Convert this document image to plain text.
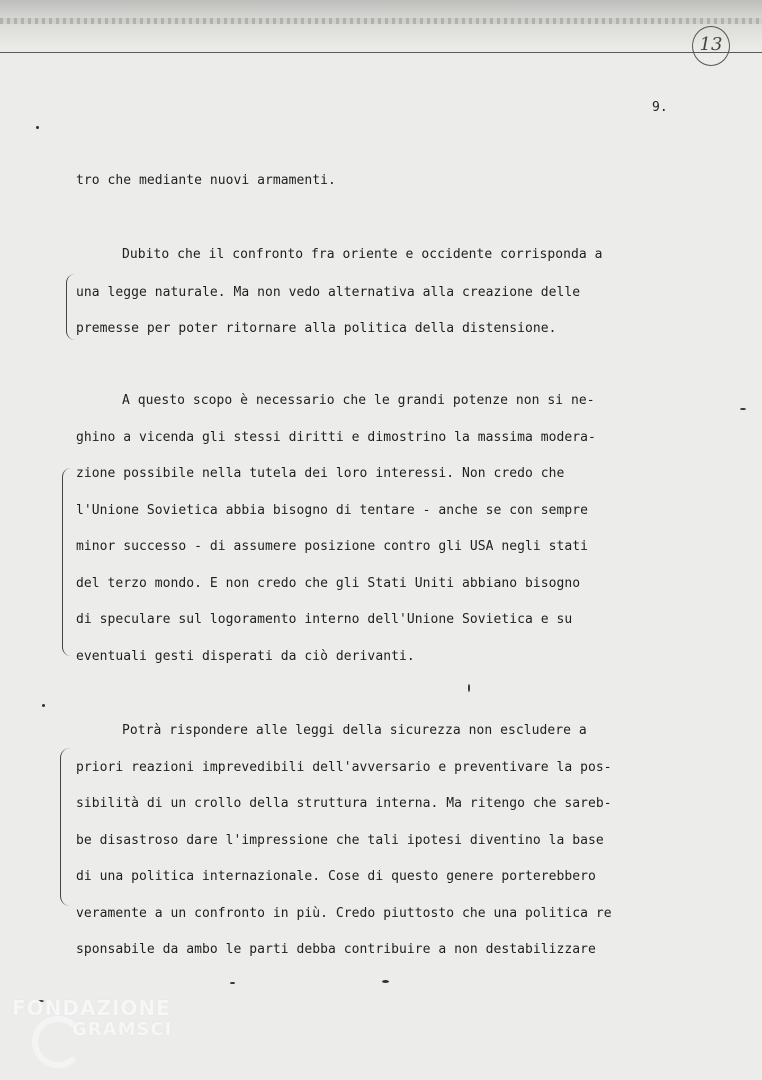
13
9.
tro che mediante nuovi armamenti.
Dubito che il confronto fra oriente e occidente corrisponda a
una legge naturale. Ma non vedo alternativa alla creazione delle
premesse per poter ritornare alla politica della distensione.
A questo scopo è necessario che le grandi potenze non si ne-
ghino a vicenda gli stessi diritti e dimostrino la massima modera-
zione possibile nella tutela dei loro interessi. Non credo che
l'Unione Sovietica abbia bisogno di tentare - anche se con sempre
minor successo - di assumere posizione contro gli USA negli stati
del terzo mondo. E non credo che gli Stati Uniti abbiano bisogno
di speculare sul logoramento interno dell'Unione Sovietica e su
eventuali gesti disperati da ciò derivanti.
Potrà rispondere alle leggi della sicurezza non escludere a
priori reazioni imprevedibili dell'avversario e preventivare la pos-
sibilità di un crollo della struttura interna. Ma ritengo che sareb-
be disastroso dare l'impressione che tali ipotesi diventino la base
di una politica internazionale. Cose di questo genere porterebbero
veramente a un confronto in più. Credo piuttosto che una politica re
sponsabile da ambo le parti debba contribuire a non destabilizzare
FONDAZIONE
GRAMSCI
